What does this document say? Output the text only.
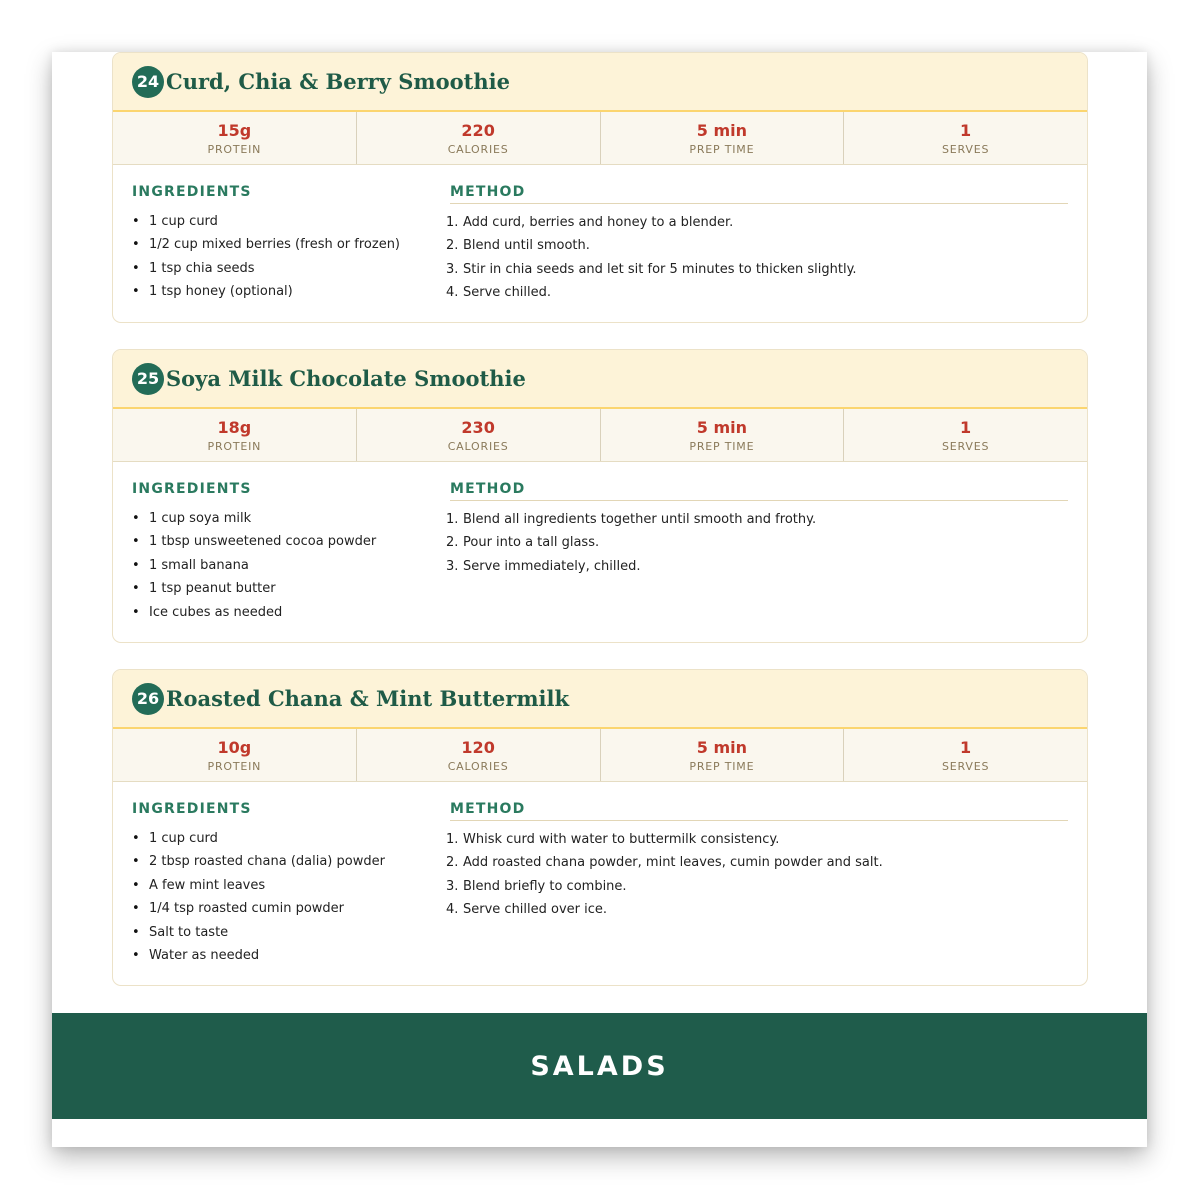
24 Curd, Chia & Berry Smoothie
15g
PROTEIN
220
CALORIES
5 min
PREP TIME
1
SERVES
INGREDIENTS
• 1 cup curd
• 1/2 cup mixed berries (fresh or frozen)
• 1 tsp chia seeds
• 1 tsp honey (optional)
METHOD
1. Add curd, berries and honey to a blender.
2. Blend until smooth.
3. Stir in chia seeds and let sit for 5 minutes to thicken slightly.
4. Serve chilled.
25 Soya Milk Chocolate Smoothie
18g
PROTEIN
230
CALORIES
5 min
PREP TIME
1
SERVES
INGREDIENTS
• 1 cup soya milk
• 1 tbsp unsweetened cocoa powder
• 1 small banana
• 1 tsp peanut butter
• Ice cubes as needed
METHOD
1. Blend all ingredients together until smooth and frothy.
2. Pour into a tall glass.
3. Serve immediately, chilled.
26 Roasted Chana & Mint Buttermilk
10g
PROTEIN
120
CALORIES
5 min
PREP TIME
1
SERVES
INGREDIENTS
• 1 cup curd
• 2 tbsp roasted chana (dalia) powder
• A few mint leaves
• 1/4 tsp roasted cumin powder
• Salt to taste
• Water as needed
METHOD
1. Whisk curd with water to buttermilk consistency.
2. Add roasted chana powder, mint leaves, cumin powder and salt.
3. Blend briefly to combine.
4. Serve chilled over ice.
SALADS
